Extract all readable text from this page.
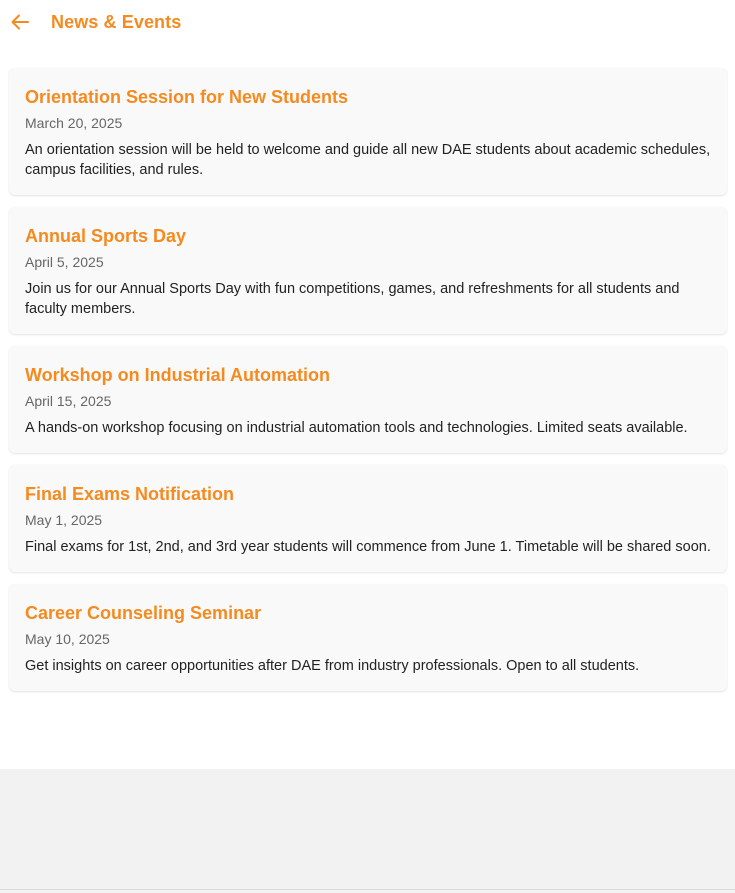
News & Events
Orientation Session for New Students
March 20, 2025
An orientation session will be held to welcome and guide all new DAE students about academic schedules, campus facilities, and rules.
Annual Sports Day
April 5, 2025
Join us for our Annual Sports Day with fun competitions, games, and refreshments for all students and faculty members.
Workshop on Industrial Automation
April 15, 2025
A hands-on workshop focusing on industrial automation tools and technologies. Limited seats available.
Final Exams Notification
May 1, 2025
Final exams for 1st, 2nd, and 3rd year students will commence from June 1. Timetable will be shared soon.
Career Counseling Seminar
May 10, 2025
Get insights on career opportunities after DAE from industry professionals. Open to all students.
